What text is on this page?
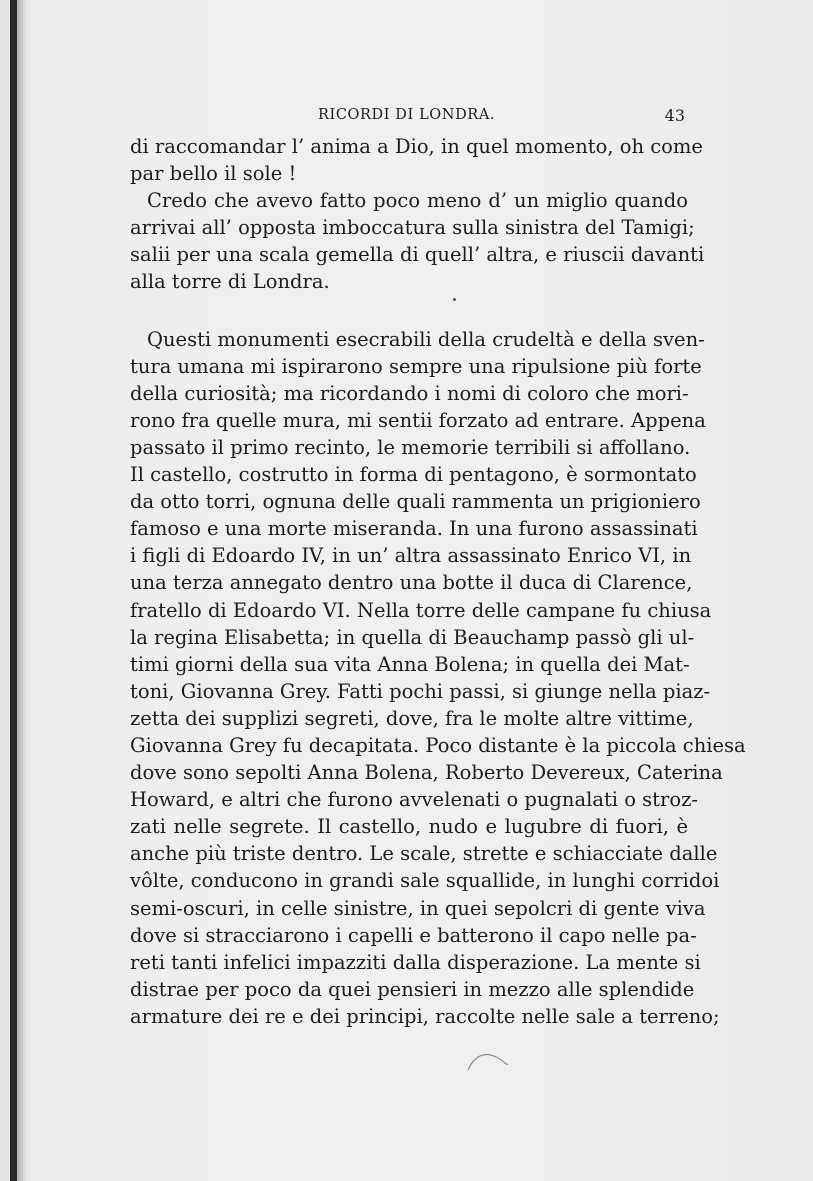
RICORDI DI LONDRA.	43
di raccomandar l’ anima a Dio, in quel momento, oh come
par bello il sole !
Credo che avevo fatto poco meno d’ un miglio quando
arrivai all’ opposta imboccatura sulla sinistra del Tamigi;
salii per una scala gemella di quell’ altra, e riuscii davanti
alla torre di Londra.
Questi monumenti esecrabili della crudeltà e della sven-
tura umana mi ispirarono sempre una ripulsione più forte
della curiosità; ma ricordando i nomi di coloro che mori-
rono fra quelle mura, mi sentii forzato ad entrare. Appena
passato il primo recinto, le memorie terribili si affollano.
Il castello, costrutto in forma di pentagono, è sormontato
da otto torri, ognuna delle quali rammenta un prigioniero
famoso e una morte miseranda. In una furono assassinati
i figli di Edoardo IV, in un’ altra assassinato Enrico VI, in
una terza annegato dentro una botte il duca di Clarence,
fratello di Edoardo VI. Nella torre delle campane fu chiusa
la regina Elisabetta; in quella di Beauchamp passò gli ul-
timi giorni della sua vita Anna Bolena; in quella dei Mat-
toni, Giovanna Grey. Fatti pochi passi, si giunge nella piaz-
zetta dei supplizi segreti, dove, fra le molte altre vittime,
Giovanna Grey fu decapitata. Poco distante è la piccola chiesa
dove sono sepolti Anna Bolena, Roberto Devereux, Caterina
Howard, e altri che furono avvelenati o pugnalati o stroz-
zati nelle segrete. Il castello, nudo e lugubre di fuori, è
anche più triste dentro. Le scale, strette e schiacciate dalle
vôlte, conducono in grandi sale squallide, in lunghi corridoi
semi-oscuri, in celle sinistre, in quei sepolcri di gente viva
dove si stracciarono i capelli e batterono il capo nelle pa-
reti tanti infelici impazziti dalla disperazione. La mente si
distrae per poco da quei pensieri in mezzo alle splendide
armature dei re e dei principi, raccolte nelle sale a terreno;
